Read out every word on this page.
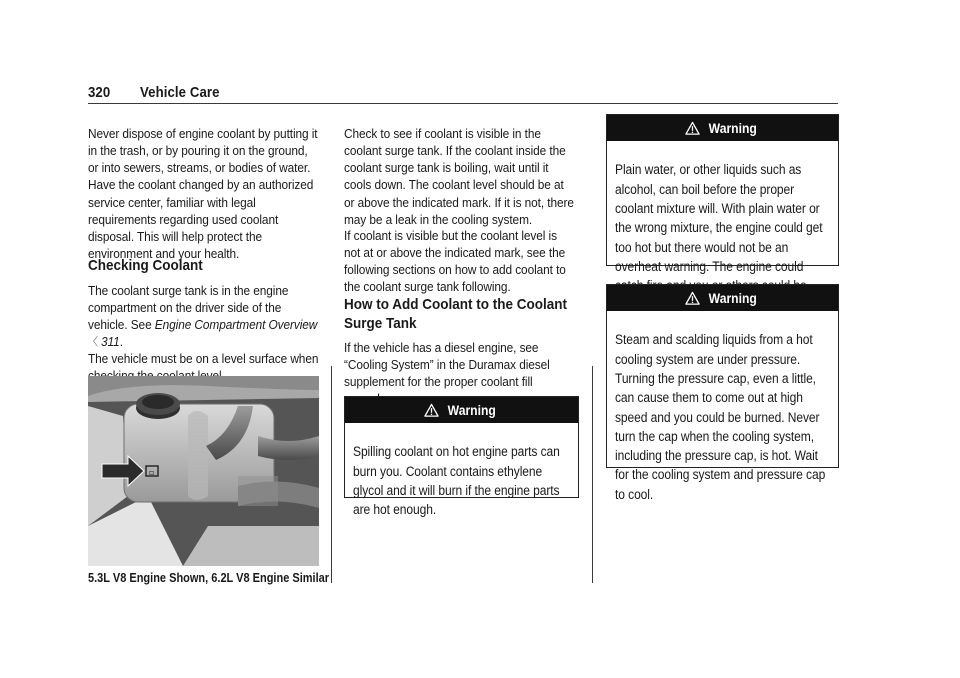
320 Vehicle Care

Never dispose of engine coolant by putting it in the trash, or by pouring it on the ground, or into sewers, streams, or bodies of water. Have the coolant changed by an authorized service center, familiar with legal requirements regarding used coolant disposal. This will help protect the environment and your health.

Checking Coolant

The coolant surge tank is in the engine compartment on the driver side of the vehicle. See Engine Compartment Overview
〈 311.

The vehicle must be on a level surface when

▫
5.3L V8 Engine Shown, 6.2L V8 Engine Similar

Check to see if coolant is visible in the coolant surge tank. If the coolant inside the coolant surge tank is boiling, wait until it cools down. The coolant level should be at or above the indicated mark. If it is not, there may be a leak in the cooling system.

If coolant is visible but the coolant level is not at or above the indicated mark, see the following sections on how to add coolant to the coolant surge tank following.

How to Add Coolant to the Coolant Surge Tank

If the vehicle has a diesel engine, see “Cooling System” in the Duramax diesel supplement for the proper coolant fill

Warning

Spilling coolant on hot engine parts can burn you. Coolant contains ethylene glycol and it will burn if the engine parts are hot enough.

Warning

Plain water, or other liquids such as alcohol, can boil before the proper coolant mixture will. With plain water or the wrong mixture, the engine could get too hot but there would not be an overheat warning. The engine could

Warning

Steam and scalding liquids from a hot cooling system are under pressure. Turning the pressure cap, even a little, can cause them to come out at high speed and you could be burned. Never turn the cap when the cooling system, including the pressure cap, is hot. Wait for the cooling system and pressure cap to cool.
